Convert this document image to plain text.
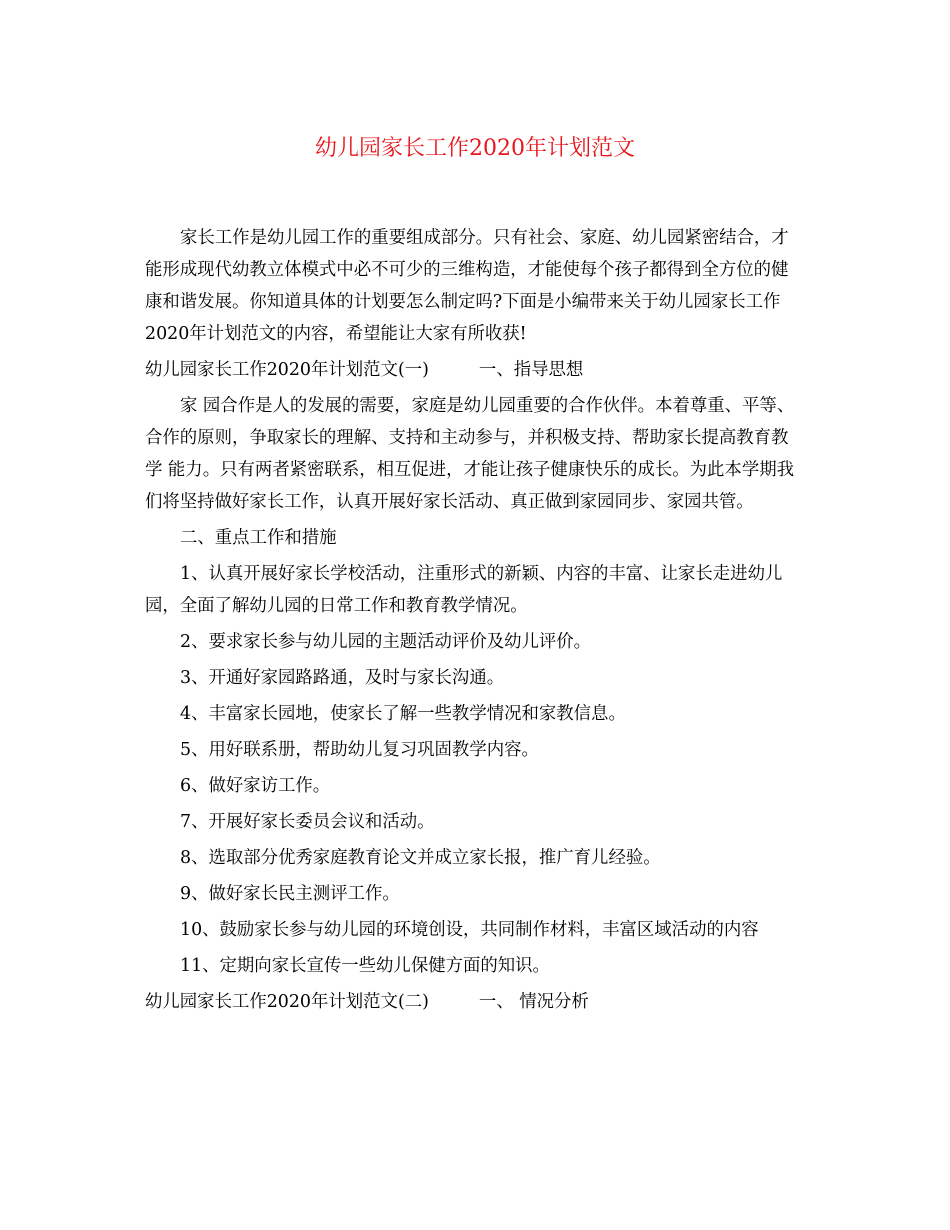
幼儿园家长工作2020年计划范文

家长工作是幼儿园工作的重要组成部分。只有社会、家庭、幼儿园紧密结合，才能形成现代幼教立体模式中必不可少的三维构造，才能使每个孩子都得到全方位的健康和谐发展。你知道具体的计划要怎么制定吗?下面是小编带来关于幼儿园家长工作2020年计划范文的内容，希望能让大家有所收获!

幼儿园家长工作2020年计划范文(一)	一、指导思想

家 园合作是人的发展的需要，家庭是幼儿园重要的合作伙伴。本着尊重、平等、合作的原则，争取家长的理解、支持和主动参与，并积极支持、帮助家长提高教育教学 能力。只有两者紧密联系，相互促进，才能让孩子健康快乐的成长。为此本学期我们将坚持做好家长工作，认真开展好家长活动、真正做到家园同步、家园共管。

二、重点工作和措施

1、认真开展好家长学校活动，注重形式的新颖、内容的丰富、让家长走进幼儿园，全面了解幼儿园的日常工作和教育教学情况。

2、要求家长参与幼儿园的主题活动评价及幼儿评价。

3、开通好家园路路通，及时与家长沟通。

4、丰富家长园地，使家长了解一些教学情况和家教信息。

5、用好联系册，帮助幼儿复习巩固教学内容。

6、做好家访工作。

7、开展好家长委员会议和活动。

8、选取部分优秀家庭教育论文并成立家长报，推广育儿经验。

9、做好家长民主测评工作。

10、鼓励家长参与幼儿园的环境创设，共同制作材料，丰富区域活动的内容

11、定期向家长宣传一些幼儿保健方面的知识。

幼儿园家长工作2020年计划范文(二)	一、 情况分析
